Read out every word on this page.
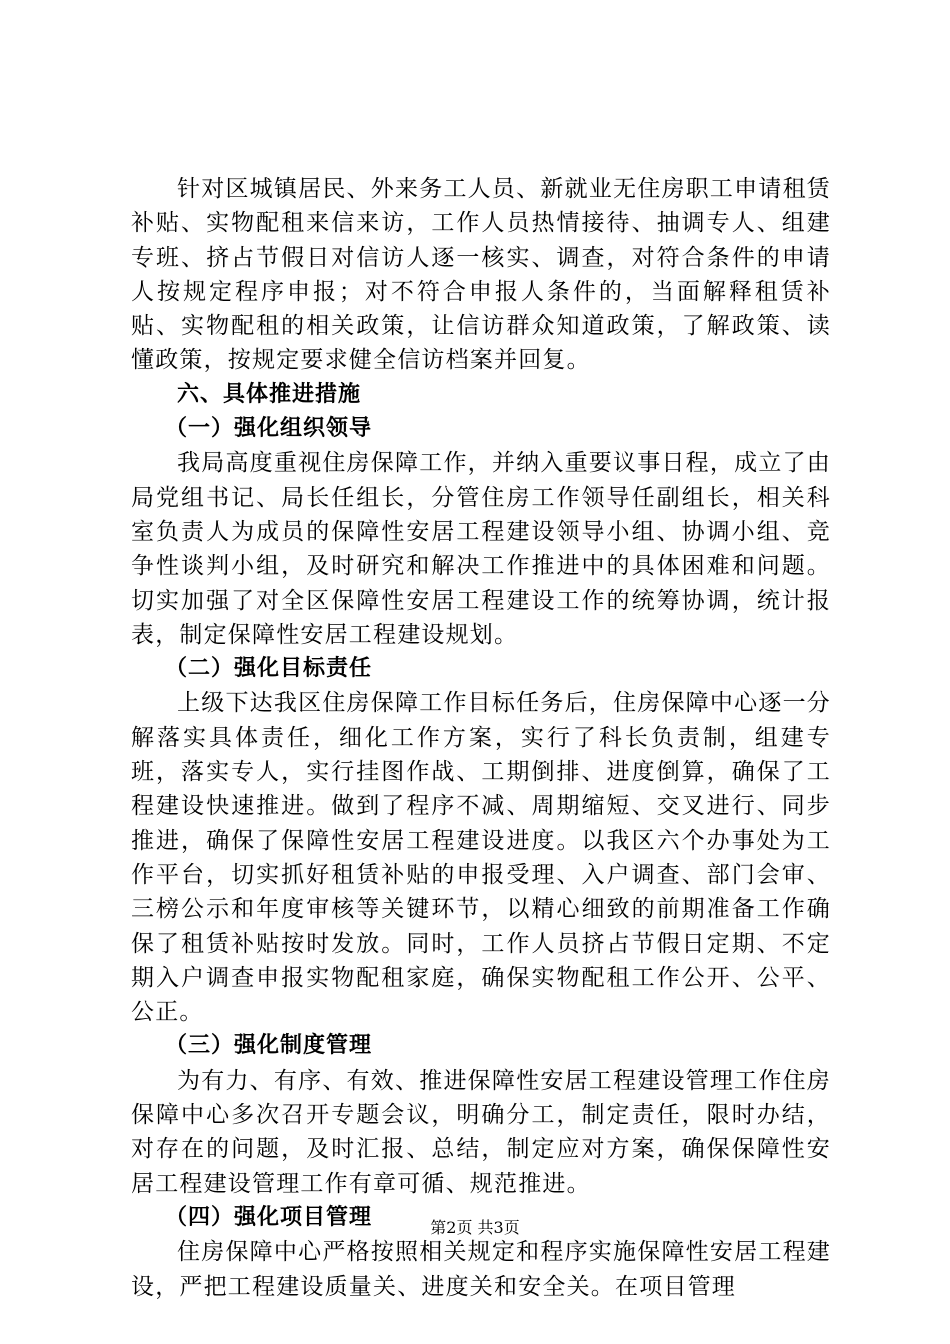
针对区城镇居民、外来务工人员、新就业无住房职工申请租赁补贴、实物配租来信来访，工作人员热情接待、抽调专人、组建专班、挤占节假日对信访人逐一核实、调查，对符合条件的申请人按规定程序申报；对不符合申报人条件的，当面解释租赁补贴、实物配租的相关政策，让信访群众知道政策，了解政策、读懂政策，按规定要求健全信访档案并回复。

六、具体推进措施

（一）强化组织领导

我局高度重视住房保障工作，并纳入重要议事日程，成立了由局党组书记、局长任组长，分管住房工作领导任副组长，相关科室负责人为成员的保障性安居工程建设领导小组、协调小组、竞争性谈判小组，及时研究和解决工作推进中的具体困难和问题。切实加强了对全区保障性安居工程建设工作的统筹协调，统计报表，制定保障性安居工程建设规划。

（二）强化目标责任

上级下达我区住房保障工作目标任务后，住房保障中心逐一分解落实具体责任，细化工作方案，实行了科长负责制，组建专班，落实专人，实行挂图作战、工期倒排、进度倒算，确保了工程建设快速推进。做到了程序不减、周期缩短、交叉进行、同步推进，确保了保障性安居工程建设进度。以我区六个办事处为工作平台，切实抓好租赁补贴的申报受理、入户调查、部门会审、三榜公示和年度审核等关键环节，以精心细致的前期准备工作确保了租赁补贴按时发放。同时，工作人员挤占节假日定期、不定期入户调查申报实物配租家庭，确保实物配租工作公开、公平、公正。

（三）强化制度管理

为有力、有序、有效、推进保障性安居工程建设管理工作住房保障中心多次召开专题会议，明确分工，制定责任，限时办结，对存在的问题，及时汇报、总结，制定应对方案，确保保障性安居工程建设管理工作有章可循、规范推进。

（四）强化项目管理

住房保障中心严格按照相关规定和程序实施保障性安居工程建设，严把工程建设质量关、进度关和安全关。在项目管理

第2页 共3页
